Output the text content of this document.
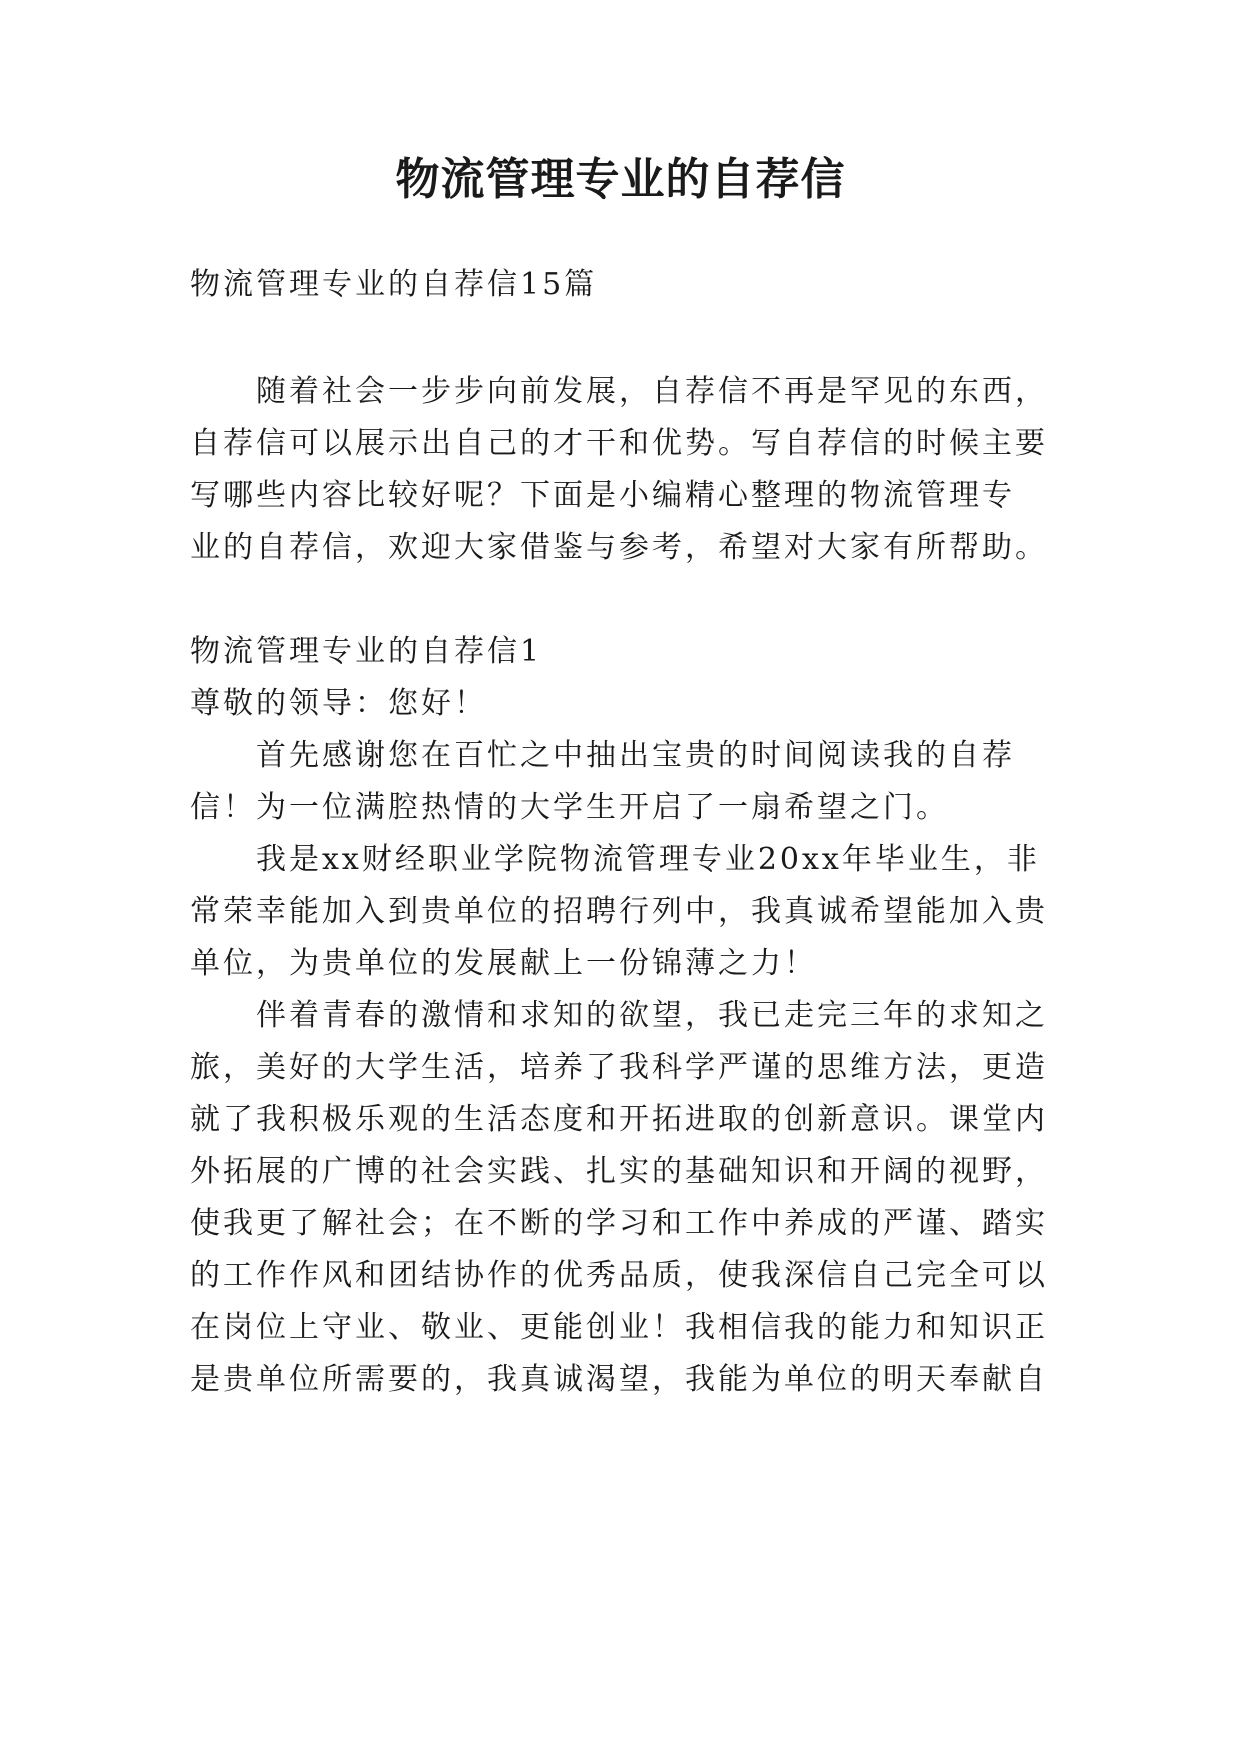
物流管理专业的自荐信

物流管理专业的自荐信15篇

随着社会一步步向前发展，自荐信不再是罕见的东西，

自荐信可以展示出自己的才干和优势。写自荐信的时候主要

写哪些内容比较好呢？下面是小编精心整理的物流管理专

业的自荐信，欢迎大家借鉴与参考，希望对大家有所帮助。

物流管理专业的自荐信1

尊敬的领导：您好！

首先感谢您在百忙之中抽出宝贵的时间阅读我的自荐

信！为一位满腔热情的大学生开启了一扇希望之门。

我是xx财经职业学院物流管理专业20xx年毕业生，非

常荣幸能加入到贵单位的招聘行列中，我真诚希望能加入贵

单位，为贵单位的发展献上一份锦薄之力！

伴着青春的激情和求知的欲望，我已走完三年的求知之

旅，美好的大学生活，培养了我科学严谨的思维方法，更造

就了我积极乐观的生活态度和开拓进取的创新意识。课堂内

外拓展的广博的社会实践、扎实的基础知识和开阔的视野，

使我更了解社会；在不断的学习和工作中养成的严谨、踏实

的工作作风和团结协作的优秀品质，使我深信自己完全可以

在岗位上守业、敬业、更能创业！我相信我的能力和知识正

是贵单位所需要的，我真诚渴望，我能为单位的明天奉献自
